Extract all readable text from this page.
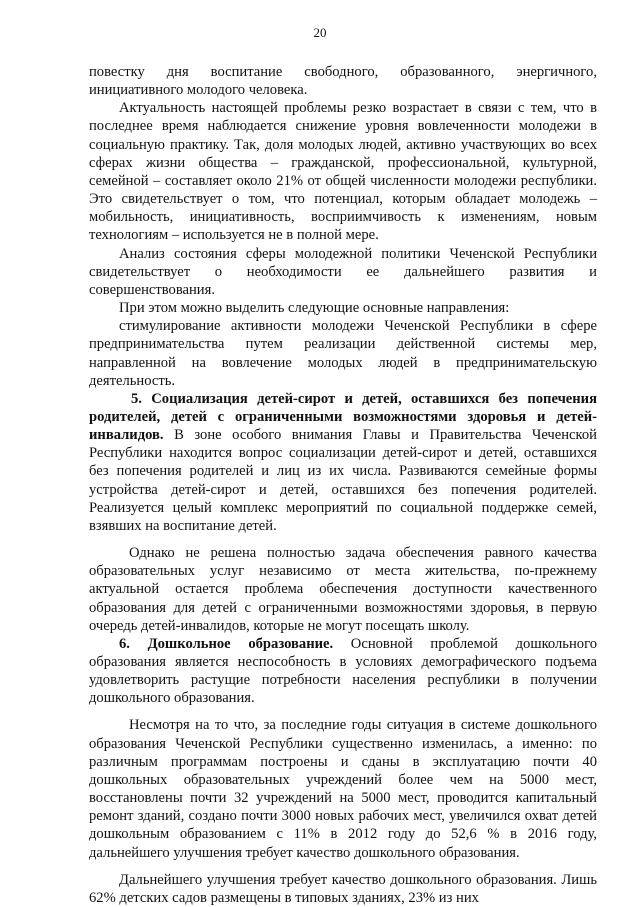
20

повестку дня воспитание свободного, образованного, энергичного, инициативного молодого человека.

Актуальность настоящей проблемы резко возрастает в связи с тем, что в последнее время наблюдается снижение уровня вовлеченности молодежи в социальную практику. Так, доля молодых людей, активно участвующих во всех сферах жизни общества – гражданской, профессиональной, культурной, семейной – составляет около 21% от общей численности молодежи республики. Это свидетельствует о том, что потенциал, которым обладает молодежь – мобильность, инициативность, восприимчивость к изменениям, новым технологиям – используется не в полной мере.

Анализ состояния сферы молодежной политики Чеченской Республики свидетельствует о необходимости ее дальнейшего развития и совершенствования.

При этом можно выделить следующие основные направления:

стимулирование активности молодежи Чеченской Республики в сфере предпринимательства путем реализации действенной системы мер, направленной на вовлечение молодых людей в предпринимательскую деятельность.

5. Социализация детей-сирот и детей, оставшихся без попечения родителей, детей с ограниченными возможностями здоровья и детей-инвалидов. В зоне особого внимания Главы и Правительства Чеченской Республики находится вопрос социализации детей-сирот и детей, оставшихся без попечения родителей и лиц из их числа. Развиваются семейные формы устройства детей-сирот и детей, оставшихся без попечения родителей. Реализуется целый комплекс мероприятий по социальной поддержке семей, взявших на воспитание детей.

Однако не решена полностью задача обеспечения равного качества образовательных услуг независимо от места жительства, по-прежнему актуальной остается проблема обеспечения доступности качественного образования для детей с ограниченными возможностями здоровья, в первую очередь детей-инвалидов, которые не могут посещать школу.

6. Дошкольное образование. Основной проблемой дошкольного образования является неспособность в условиях демографического подъема удовлетворить растущие потребности населения республики в получении дошкольного образования.

Несмотря на то что, за последние годы ситуация в системе дошкольного образования Чеченской Республики существенно изменилась, а именно: по различным программам построены и сданы в эксплуатацию почти 40 дошкольных образовательных учреждений более чем на 5000 мест, восстановлены почти 32 учреждений на 5000 мест, проводится капитальный ремонт зданий, создано почти 3000 новых рабочих мест, увеличился охват детей дошкольным образованием с 11% в 2012 году до 52,6 % в 2016 году, дальнейшего улучшения требует качество дошкольного образования.

Дальнейшего улучшения требует качество дошкольного образования. Лишь 62% детских садов размещены в типовых зданиях, 23% из них
